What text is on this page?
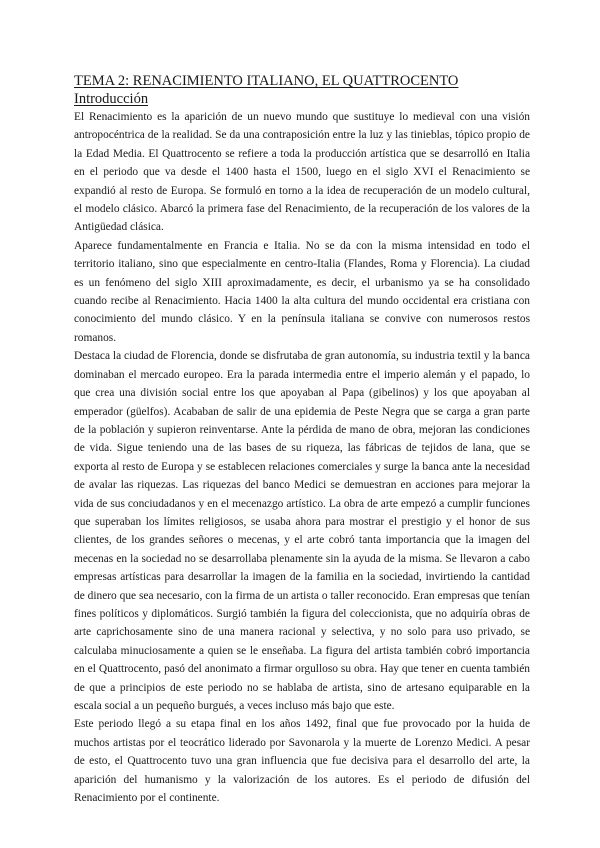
TEMA 2: RENACIMIENTO ITALIANO, EL QUATTROCENTO
Introducción

El Renacimiento es la aparición de un nuevo mundo que sustituye lo medieval con una visión antropocéntrica de la realidad. Se da una contraposición entre la luz y las tinieblas, tópico propio de la Edad Media. El Quattrocento se refiere a toda la producción artística que se desarrolló en Italia en el periodo que va desde el 1400 hasta el 1500, luego en el siglo XVI el Renacimiento se expandió al resto de Europa. Se formuló en torno a la idea de recuperación de un modelo cultural, el modelo clásico. Abarcó la primera fase del Renacimiento, de la recuperación de los valores de la Antigüedad clásica.

Aparece fundamentalmente en Francia e Italia. No se da con la misma intensidad en todo el territorio italiano, sino que especialmente en centro-Italia (Flandes, Roma y Florencia). La ciudad es un fenómeno del siglo XIII aproximadamente, es decir, el urbanismo ya se ha consolidado cuando recibe al Renacimiento. Hacia 1400 la alta cultura del mundo occidental era cristiana con conocimiento del mundo clásico. Y en la península italiana se convive con numerosos restos romanos.

Destaca la ciudad de Florencia, donde se disfrutaba de gran autonomía, su industria textil y la banca dominaban el mercado europeo. Era la parada intermedia entre el imperio alemán y el papado, lo que crea una división social entre los que apoyaban al Papa (gibelinos) y los que apoyaban al emperador (güelfos). Acababan de salir de una epidemia de Peste Negra que se carga a gran parte de la población y supieron reinventarse. Ante la pérdida de mano de obra, mejoran las condiciones de vida. Sigue teniendo una de las bases de su riqueza, las fábricas de tejidos de lana, que se exporta al resto de Europa y se establecen relaciones comerciales y surge la banca ante la necesidad de avalar las riquezas. Las riquezas del banco Medici se demuestran en acciones para mejorar la vida de sus conciudadanos y en el mecenazgo artístico. La obra de arte empezó a cumplir funciones que superaban los límites religiosos, se usaba ahora para mostrar el prestigio y el honor de sus clientes, de los grandes señores o mecenas, y el arte cobró tanta importancia que la imagen del mecenas en la sociedad no se desarrollaba plenamente sin la ayuda de la misma. Se llevaron a cabo empresas artísticas para desarrollar la imagen de la familia en la sociedad, invirtiendo la cantidad de dinero que sea necesario, con la firma de un artista o taller reconocido. Eran empresas que tenían fines políticos y diplomáticos. Surgió también la figura del coleccionista, que no adquiría obras de arte caprichosamente sino de una manera racional y selectiva, y no solo para uso privado, se calculaba minuciosamente a quien se le enseñaba. La figura del artista también cobró importancia en el Quattrocento, pasó del anonimato a firmar orgulloso su obra. Hay que tener en cuenta también de que a principios de este periodo no se hablaba de artista, sino de artesano equiparable en la escala social a un pequeño burgués, a veces incluso más bajo que este.

Este periodo llegó a su etapa final en los años 1492, final que fue provocado por la huida de muchos artistas por el teocrático liderado por Savonarola y la muerte de Lorenzo Medici. A pesar de esto, el Quattrocento tuvo una gran influencia que fue decisiva para el desarrollo del arte, la aparición del humanismo y la valorización de los autores. Es el periodo de difusión del Renacimiento por el continente.
